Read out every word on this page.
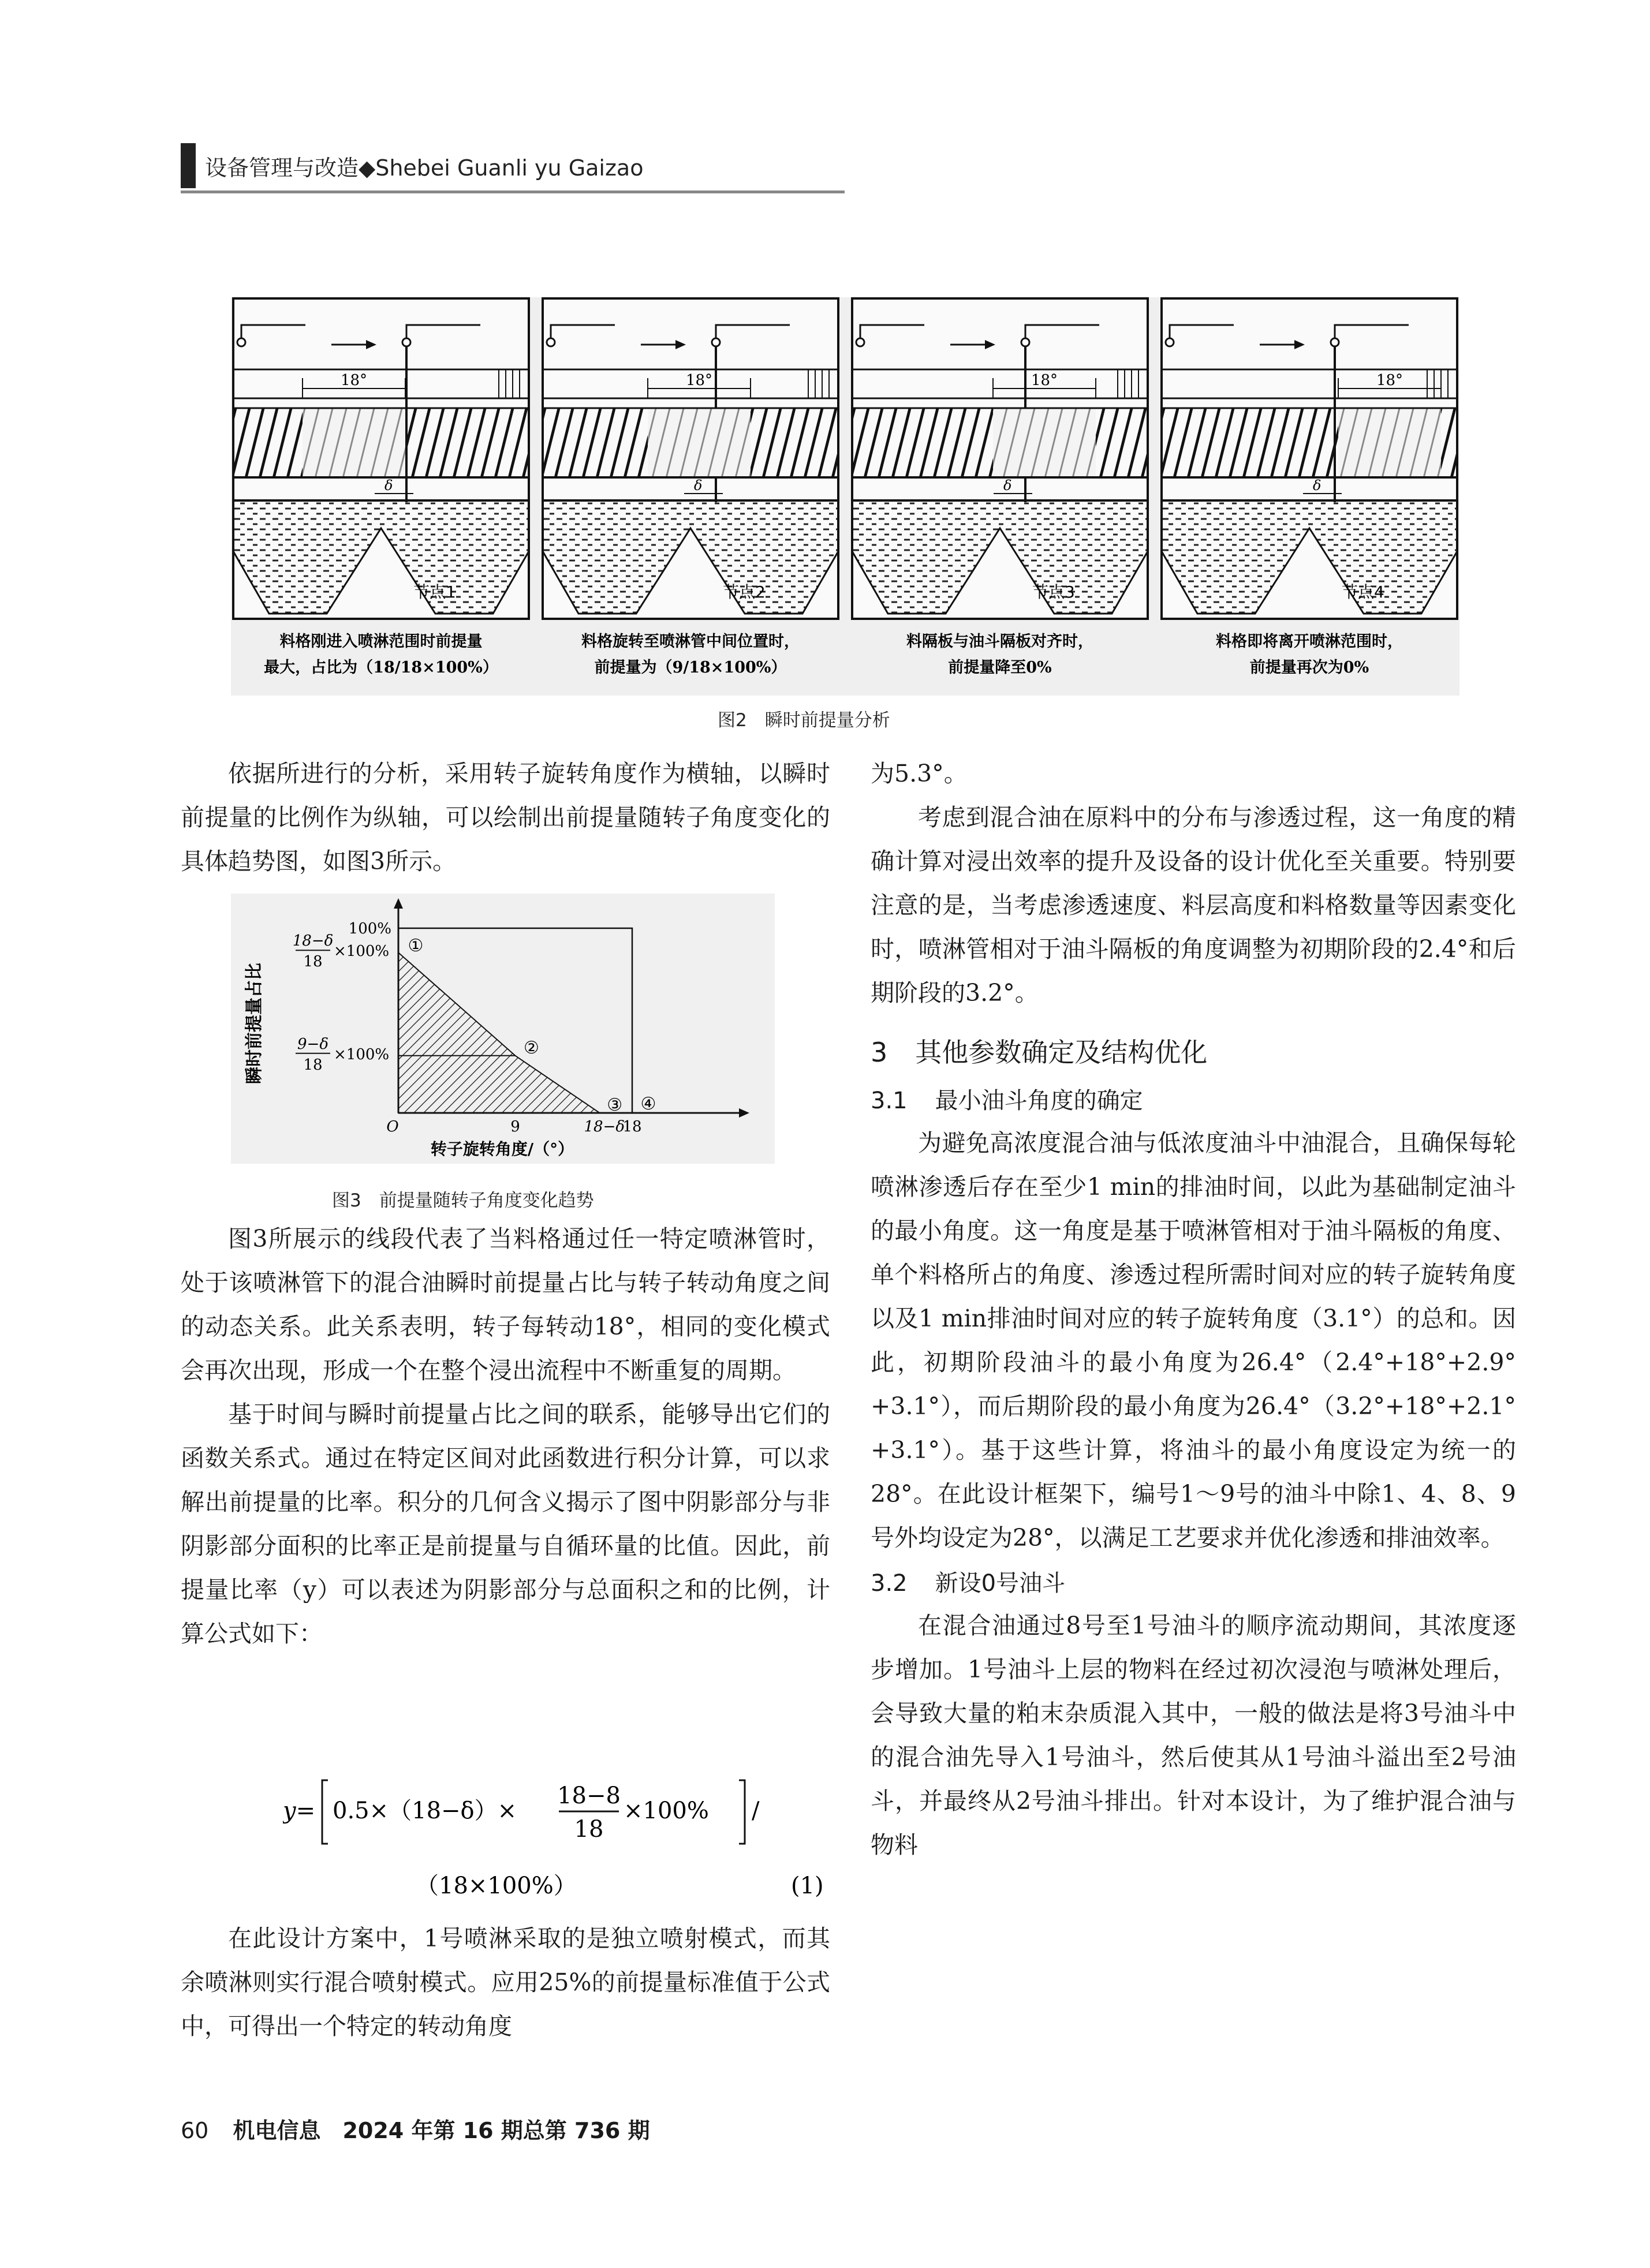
设备管理与改造◆Shebei Guanli yu Gaizao
18°
δ
节点1
料格刚进入喷淋范围时前提量
最大，占比为（18/18×100%）
18°
δ
节点2
料格旋转至喷淋管中间位置时，
前提量为（9/18×100%）
18°
δ
节点3
料隔板与油斗隔板对齐时，
前提量降至0%
18°
δ
节点4
料格即将离开喷淋范围时，
前提量再次为0%
图2　瞬时前提量分析

依据所进行的分析，采用转子旋转角度作为横轴，以瞬时前提量的比例作为纵轴，可以绘制出前提量随转子角度变化的具体趋势图，如图3所示。

瞬时前提量占比
100%
18−δ
18
×100%
9−δ
18
×100%
O	9	18−δ
18
①
②
③ ④
转子旋转角度/（°）
图3　前提量随转子角度变化趋势

图3所展示的线段代表了当料格通过任一特定喷淋管时，处于该喷淋管下的混合油瞬时前提量占比与转子转动角度之间的动态关系。此关系表明，转子每转动18°，相同的变化模式会再次出现，形成一个在整个浸出流程中不断重复的周期。

基于时间与瞬时前提量占比之间的联系，能够导出它们的函数关系式。通过在特定区间对此函数进行积分计算，可以求解出前提量的比率。积分的几何含义揭示了图中阴影部分与非阴影部分面积的比率正是前提量与自循环量的比值。因此，前提量比率（y）可以表述为阴影部分与总面积之和的比例，计算公式如下：

y= 0.5×（18−δ）×
18−8
18
×100% /
（18×100%）	(1)

在此设计方案中，1号喷淋采取的是独立喷射模式，而其余喷淋则实行混合喷射模式。应用25%的前提量标准值于公式中，可得出一个特定的转动角度

为5.3°。

考虑到混合油在原料中的分布与渗透过程，这一角度的精确计算对浸出效率的提升及设备的设计优化至关重要。特别要注意的是，当考虑渗透速度、料层高度和料格数量等因素变化时，喷淋管相对于油斗隔板的角度调整为初期阶段的2.4°和后期阶段的3.2°。

3 其他参数确定及结构优化
3.1 最小油斗角度的确定

为避免高浓度混合油与低浓度油斗中油混合，且确保每轮喷淋渗透后存在至少1 min的排油时间，以此为基础制定油斗的最小角度。这一角度是基于喷淋管相对于油斗隔板的角度、单个料格所占的角度、渗透过程所需时间对应的转子旋转角度以及1 min排油时间对应的转子旋转角度（3.1°）的总和。因此，初期阶段油斗的最小角度为26.4°（2.4°+18°+2.9°+3.1°），而后期阶段的最小角度为26.4°（3.2°+18°+2.1°+3.1°）。基于这些计算，将油斗的最小角度设定为统一的28°。在此设计框架下，编号1～9号的油斗中除1、4、8、9号外均设定为28°，以满足工艺要求并优化渗透和排油效率。

3.2 新设0号油斗

在混合油通过8号至1号油斗的顺序流动期间，其浓度逐步增加。1号油斗上层的物料在经过初次浸泡与喷淋处理后，会导致大量的粕末杂质混入其中，一般的做法是将3号油斗中的混合油先导入1号油斗，然后使其从1号油斗溢出至2号油斗，并最终从2号油斗排出。针对本设计，为了维护混合油与物料

60 机电信息　2024 年第 16 期总第 736 期
